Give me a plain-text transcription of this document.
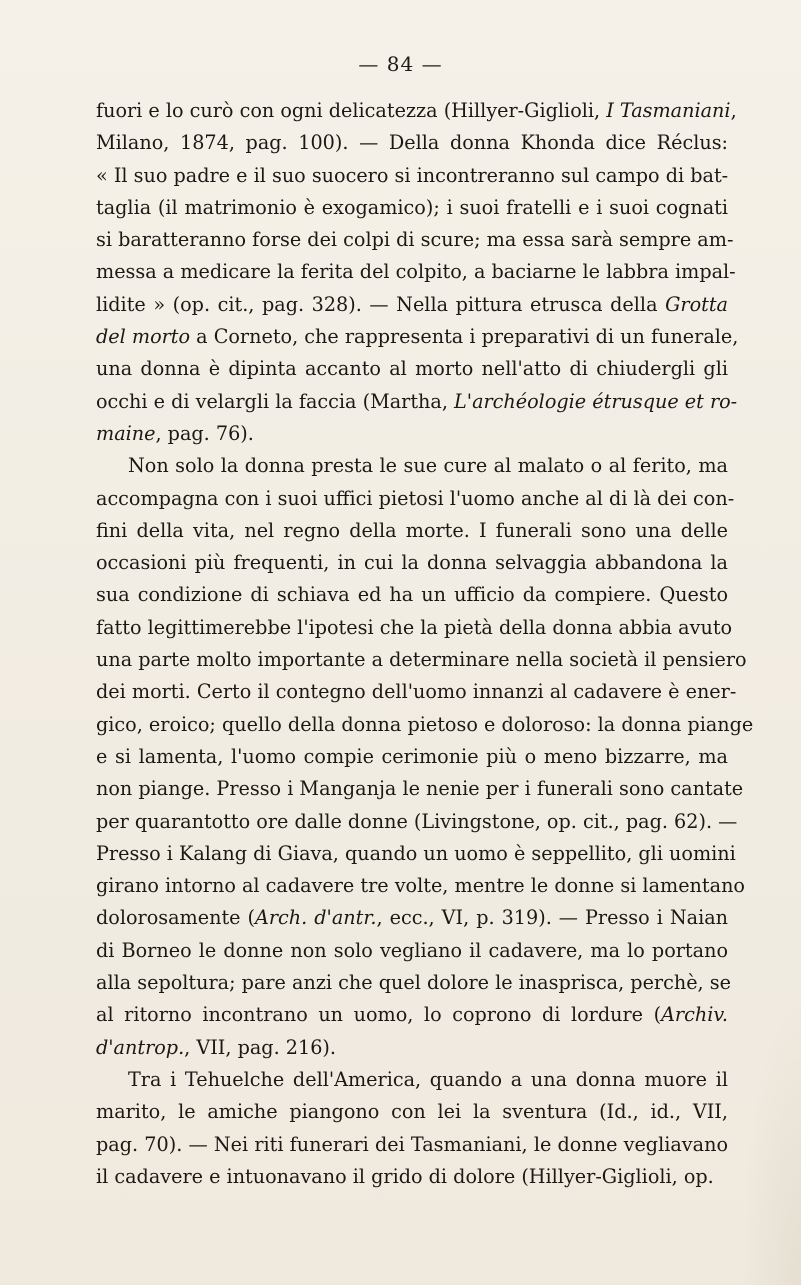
— 84 —

fuori e lo curò con ogni delicatezza (Hillyer-Giglioli, I Tasmaniani,
Milano, 1874, pag. 100). — Della donna Khonda dice Réclus:
« Il suo padre e il suo suocero si incontreranno sul campo di bat-
taglia (il matrimonio è exogamico); i suoi fratelli e i suoi cognati
si baratteranno forse dei colpi di scure; ma essa sarà sempre am-
messa a medicare la ferita del colpito, a baciarne le labbra impal-
lidite » (op. cit., pag. 328). — Nella pittura etrusca della Grotta
del morto a Corneto, che rappresenta i preparativi di un funerale,
una donna è dipinta accanto al morto nell'atto di chiudergli gli
occhi e di velargli la faccia (Martha, L'archéologie étrusque et ro-
maine, pag. 76).

Non solo la donna presta le sue cure al malato o al ferito, ma
accompagna con i suoi uffici pietosi l'uomo anche al di là dei con-
fini della vita, nel regno della morte. I funerali sono una delle
occasioni più frequenti, in cui la donna selvaggia abbandona la
sua condizione di schiava ed ha un ufficio da compiere. Questo
fatto legittimerebbe l'ipotesi che la pietà della donna abbia avuto
una parte molto importante a determinare nella società il pensiero
dei morti. Certo il contegno dell'uomo innanzi al cadavere è ener-
gico, eroico; quello della donna pietoso e doloroso: la donna piange
e si lamenta, l'uomo compie cerimonie più o meno bizzarre, ma
non piange. Presso i Manganja le nenie per i funerali sono cantate
per quarantotto ore dalle donne (Livingstone, op. cit., pag. 62). —
Presso i Kalang di Giava, quando un uomo è seppellito, gli uomini
girano intorno al cadavere tre volte, mentre le donne si lamentano
dolorosamente (Arch. d'antr., ecc., VI, p. 319). — Presso i Naian
di Borneo le donne non solo vegliano il cadavere, ma lo portano
alla sepoltura; pare anzi che quel dolore le inasprisca, perchè, se
al ritorno incontrano un uomo, lo coprono di lordure (Archiv.
d'antrop., VII, pag. 216).

Tra i Tehuelche dell'America, quando a una donna muore il
marito, le amiche piangono con lei la sventura (Id., id., VII,
pag. 70). — Nei riti funerari dei Tasmaniani, le donne vegliavano
il cadavere e intuonavano il grido di dolore (Hillyer-Giglioli, op.
